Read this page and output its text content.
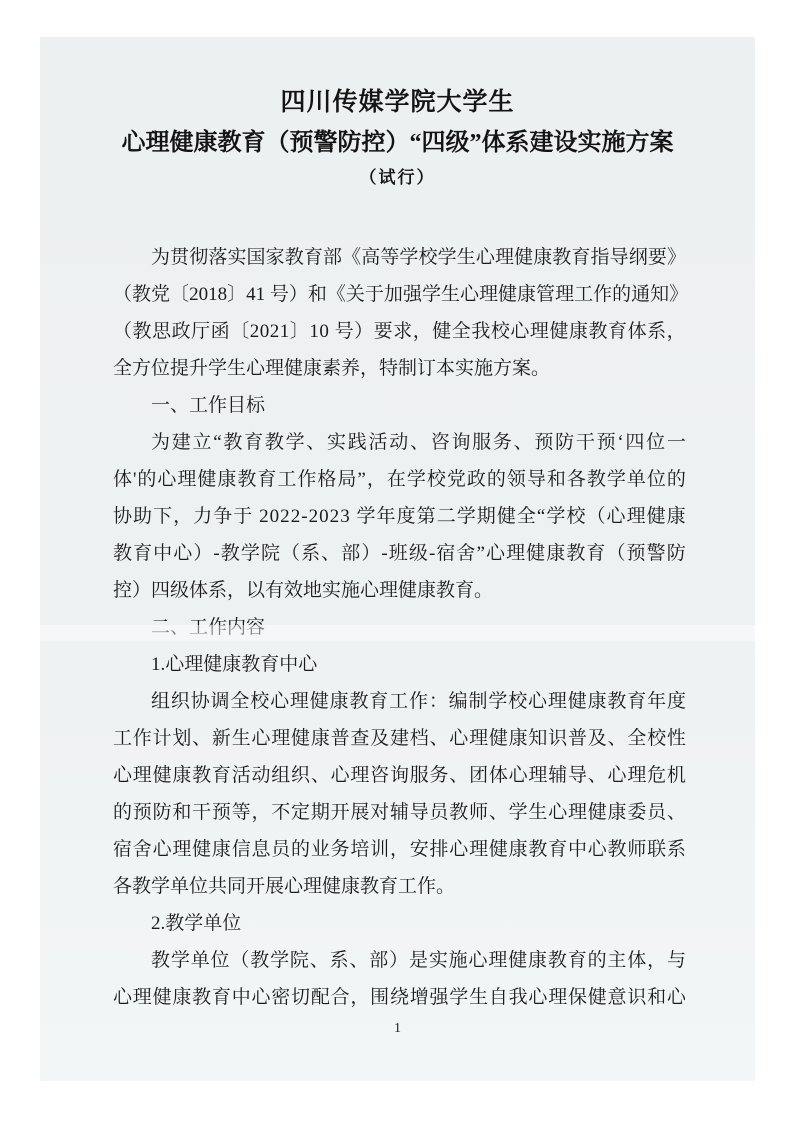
四川传媒学院大学生
心理健康教育（预警防控）“四级”体系建设实施方案
（试行）
为 贯 彻 落 实 国 家 教 育 部 《 高 等 学 校 学 生 心 理 健 康 教 育 指 导 纲 要 》
（ 教 党 〔 2 0 1 8 〕 4 1
号 ） 和 《 关 于 加 强 学 生 心 理 健 康 管 理 工 作 的 通 知 》
（ 教 思 政 厅 函 〔 2 0 2 1 〕 1 0
号 ） 要 求 ， 健 全 我 校 心 理 健 康 教 育 体 系 ，
全方位提升学生心理健康素养，特制订本实施方案。
一、工作目标
为 建 立 “ 教 育 教 学 、 实 践 活 动 、 咨 询 服 务 、 预 防 干 预 ‘ 四 位 一
体 ' 的 心 理 健 康 教 育 工 作 格 局 ” ， 在 学 校 党 政 的 领 导 和 各 教 学 单 位 的
协 助 下 ， 力 争 于
2 0 2 2 - 2 0 2 3
学 年 度 第 二 学 期 健 全 “ 学 校 （ 心 理 健 康
教 育 中 心 ） - 教 学 院 （ 系 、 部 ） - 班 级 - 宿 舍 ” 心 理 健 康 教 育 （ 预 警 防
控）四级体系，以有效地实施心理健康教育。
二、工作内容
1.心理健康教育中心
组 织 协 调 全 校 心 理 健 康 教 育 工 作 ： 编 制 学 校 心 理 健 康 教 育 年 度
工 作 计 划 、 新 生 心 理 健 康 普 查 及 建 档 、 心 理 健 康 知 识 普 及 、 全 校 性
心 理 健 康 教 育 活 动 组 织 、 心 理 咨 询 服 务 、 团 体 心 理 辅 导 、 心 理 危 机
的 预 防 和 干 预 等 ， 不 定 期 开 展 对 辅 导 员 教 师 、 学 生 心 理 健 康 委 员 、
宿 舍 心 理 健 康 信 息 员 的 业 务 培 训 ， 安 排 心 理 健 康 教 育 中 心 教 师 联 系
各教学单位共同开展心理健康教育工作。
2.教学单位
教 学 单 位 （ 教 学 院 、 系 、 部 ） 是 实 施 心 理 健 康 教 育 的 主 体 ， 与
心 理 健 康 教 育 中 心 密 切 配 合 ， 围 绕 增 强 学 生 自 我 心 理 保 健 意 识 和 心
1
